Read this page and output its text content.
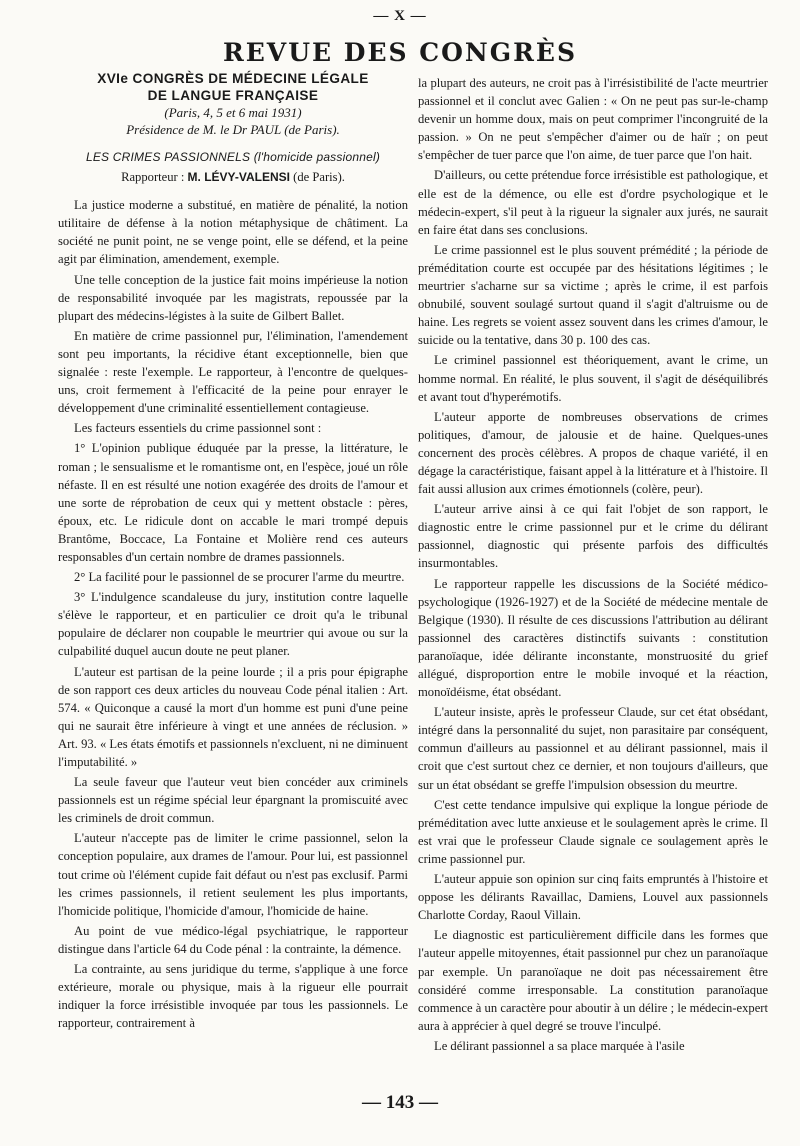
— X —
REVUE DES CONGRÈS
XVIe CONGRÈS DE MÉDECINE LÉGALE
DE LANGUE FRANÇAISE
(Paris, 4, 5 et 6 mai 1931)
Présidence de M. le Dr PAUL (de Paris).
LES CRIMES PASSIONNELS (l'homicide passionnel)
Rapporteur : M. LÉVY-VALENSI (de Paris).

La justice moderne a substitué, en matière de pénalité, la notion utilitaire de défense à la notion métaphysique de châtiment. La société ne punit point, ne se venge point, elle se défend, et la peine agit par élimination, amendement, exemple.

Une telle conception de la justice fait moins impérieuse la notion de responsabilité invoquée par les magistrats, repoussée par la plupart des médecins-légistes à la suite de Gilbert Ballet.

En matière de crime passionnel pur, l'élimination, l'amendement sont peu importants, la récidive étant exceptionnelle, bien que signalée : reste l'exemple. Le rapporteur, à l'encontre de quelques-uns, croit fermement à l'efficacité de la peine pour enrayer le développement d'une criminalité essentiellement contagieuse.

Les facteurs essentiels du crime passionnel sont :

1° L'opinion publique éduquée par la presse, la littérature, le roman ; le sensualisme et le romantisme ont, en l'espèce, joué un rôle néfaste. Il en est résulté une notion exagérée des droits de l'amour et une sorte de réprobation de ceux qui y mettent obstacle : pères, époux, etc. Le ridicule dont on accable le mari trompé depuis Brantôme, Boccace, La Fontaine et Molière rend ces auteurs responsables d'un certain nombre de drames passionnels.

2° La facilité pour le passionnel de se procurer l'arme du meurtre.

3° L'indulgence scandaleuse du jury, institution contre laquelle s'élève le rapporteur, et en particulier ce droit qu'a le tribunal populaire de déclarer non coupable le meurtrier qui avoue ou sur la culpabilité duquel aucun doute ne peut planer.

L'auteur est partisan de la peine lourde ; il a pris pour épigraphe de son rapport ces deux articles du nouveau Code pénal italien : Art. 574. « Quiconque a causé la mort d'un homme est puni d'une peine qui ne saurait être inférieure à vingt et une années de réclusion. » Art. 93. « Les états émotifs et passionnels n'excluent, ni ne diminuent l'imputabilité. »

La seule faveur que l'auteur veut bien concéder aux criminels passionnels est un régime spécial leur épargnant la promiscuité avec les criminels de droit commun.

L'auteur n'accepte pas de limiter le crime passionnel, selon la conception populaire, aux drames de l'amour. Pour lui, est passionnel tout crime où l'élément cupide fait défaut ou n'est pas exclusif. Parmi les crimes passionnels, il retient seulement les plus importants, l'homicide politique, l'homicide d'amour, l'homicide de haine.

Au point de vue médico-légal psychiatrique, le rapporteur distingue dans l'article 64 du Code pénal : la contrainte, la démence.

La contrainte, au sens juridique du terme, s'applique à une force extérieure, morale ou physique, mais à la rigueur elle pourrait indiquer la force irrésistible invoquée par tous les passionnels. Le rapporteur, contrairement à

la plupart des auteurs, ne croit pas à l'irrésistibilité de l'acte meurtrier passionnel et il conclut avec Galien : « On ne peut pas sur-le-champ devenir un homme doux, mais on peut comprimer l'incongruité de la passion. » On ne peut s'empêcher d'aimer ou de haïr ; on peut s'empêcher de tuer parce que l'on aime, de tuer parce que l'on hait.

D'ailleurs, ou cette prétendue force irrésistible est pathologique, et elle est de la démence, ou elle est d'ordre psychologique et le médecin-expert, s'il peut à la rigueur la signaler aux jurés, ne saurait en faire état dans ses conclusions.

Le crime passionnel est le plus souvent prémédité ; la période de préméditation courte est occupée par des hésitations légitimes ; le meurtrier s'acharne sur sa victime ; après le crime, il est parfois obnubilé, souvent soulagé surtout quand il s'agit d'altruisme ou de haine. Les regrets se voient assez souvent dans les crimes d'amour, le suicide ou la tentative, dans 30 p. 100 des cas.

Le criminel passionnel est théoriquement, avant le crime, un homme normal. En réalité, le plus souvent, il s'agit de déséquilibrés et avant tout d'hyperémotifs.

L'auteur apporte de nombreuses observations de crimes politiques, d'amour, de jalousie et de haine. Quelques-unes concernent des procès célèbres. A propos de chaque variété, il en dégage la caractéristique, faisant appel à la littérature et à l'histoire. Il fait aussi allusion aux crimes émotionnels (colère, peur).

L'auteur arrive ainsi à ce qui fait l'objet de son rapport, le diagnostic entre le crime passionnel pur et le crime du délirant passionnel, diagnostic qui présente parfois des difficultés insurmontables.

Le rapporteur rappelle les discussions de la Société médico-psychologique (1926-1927) et de la Société de médecine mentale de Belgique (1930). Il résulte de ces discussions l'attribution au délirant passionnel des caractères distinctifs suivants : constitution paranoïaque, idée délirante inconstante, monstruosité du grief allégué, disproportion entre le mobile invoqué et la réaction, monoïdéisme, état obsédant.

L'auteur insiste, après le professeur Claude, sur cet état obsédant, intégré dans la personnalité du sujet, non parasitaire par conséquent, commun d'ailleurs au passionnel et au délirant passionnel, mais il croit que c'est surtout chez ce dernier, et non toujours d'ailleurs, que sur un état obsédant se greffe l'impulsion obsession du meurtre.

C'est cette tendance impulsive qui explique la longue période de préméditation avec lutte anxieuse et le soulagement après le crime. Il est vrai que le professeur Claude signale ce soulagement après le crime passionnel pur.

L'auteur appuie son opinion sur cinq faits empruntés à l'histoire et oppose les délirants Ravaillac, Damiens, Louvel aux passionnels Charlotte Corday, Raoul Villain.

Le diagnostic est particulièrement difficile dans les formes que l'auteur appelle mitoyennes, était passionnel pur chez un paranoïaque par exemple. Un paranoïaque ne doit pas nécessairement être considéré comme irresponsable. La constitution paranoïaque commence à un caractère pour aboutir à un délire ; le médecin-expert aura à apprécier à quel degré se trouve l'inculpé.

Le délirant passionnel a sa place marquée à l'asile

— 143 —
